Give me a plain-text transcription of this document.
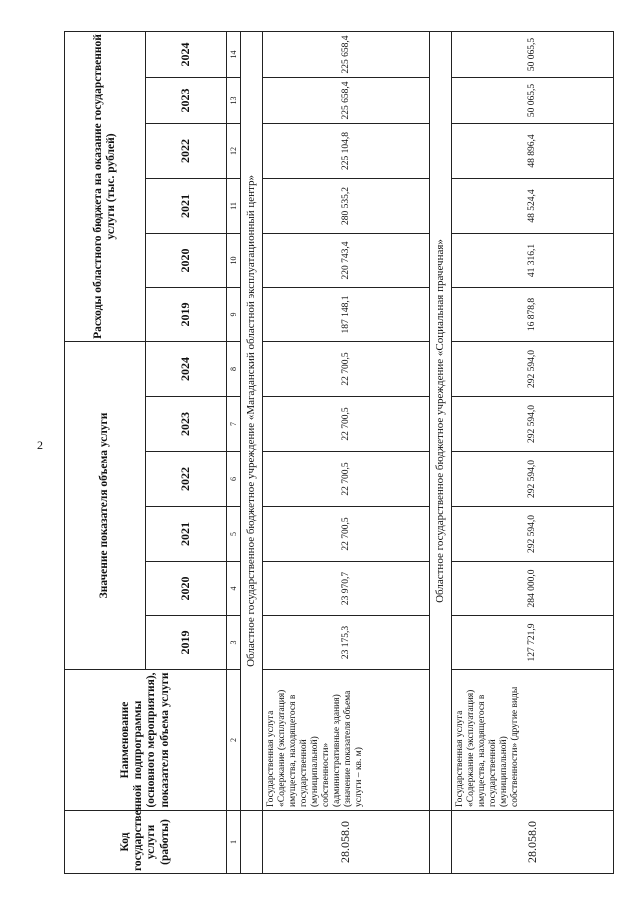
2
Код государственной услуги (работы)	Наименование подпрограммы (основного мероприятия), показателя объема услуги	Значение показателя объема услуги						Расходы областного бюджета на оказание государственной услуги (тыс. рублей)					
		2019	2020	2021	2022	2023	2024	2019	2020	2021	2022	2023	2024
1	2	3	4	5	6	7	8	9	10	11	12	13	14
	Областное государственное бюджетное учреждение «Магаданский областной эксплуатационный центр»												
28.058.0	Государственная услуга «Содержание (эксплуатация) имущества, находящегося в государственной (муниципальной) собственности» (административные здания) (значение показателя объема услуги – кв. м)	23 175,3	23 970,7	22 700,5	22 700,5	22 700,5	22 700,5	187 148,1	220 743,4	280 535,2	225 104,8	225 658,4	225 658,4
	Областное государственное бюджетное учреждение «Социальная прачечная»												
28.058.0	Государственная услуга «Содержание (эксплуатация) имущества, находящегося в государственной (муниципальной) собственности» (другие виды	127 721,9	284 000,0	292 594,0	292 594,0	292 594,0	292 594,0	16 878,8	41 316,1	48 524,4	48 896,4	50 065,5	50 065,5
